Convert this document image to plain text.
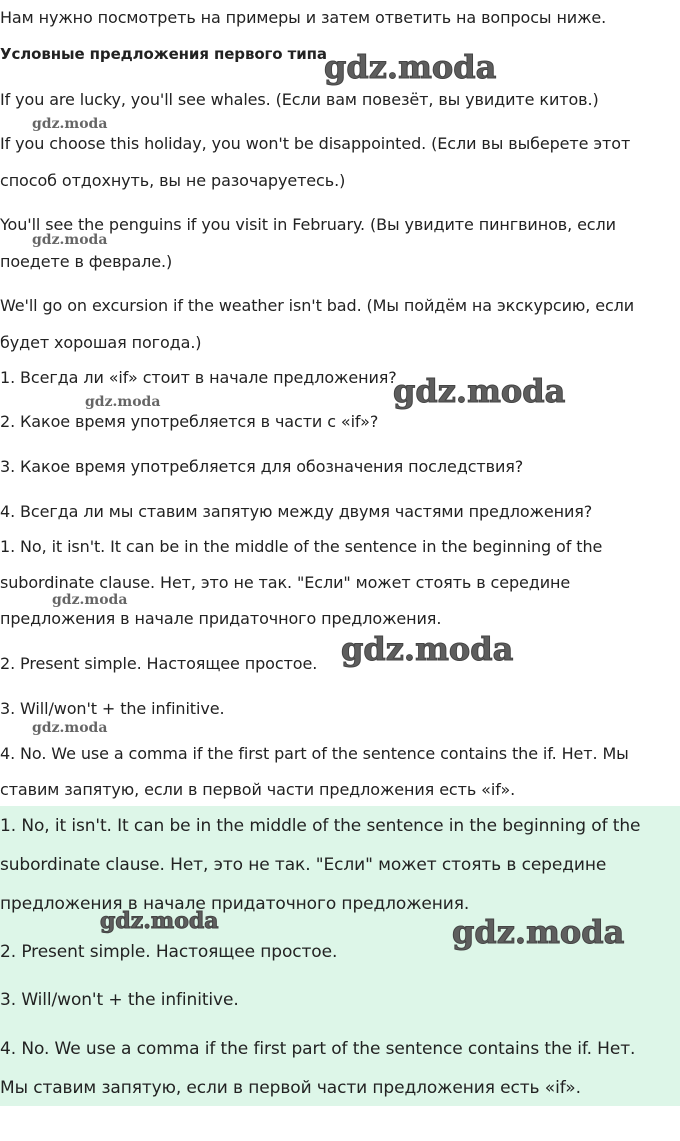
Нам нужно посмотреть на примеры и затем ответить на вопросы ниже.
Условные предложения первого типа
gdz.moda
If you are lucky, you'll see whales. (Если вам повезёт, вы увидите китов.)
gdz.moda
If you choose this holiday, you won't be disappointed. (Если вы выберете этот
способ отдохнуть, вы не разочаруетесь.)
You'll see the penguins if you visit in February. (Вы увидите пингвинов, если
gdz.moda
поедете в феврале.)
We'll go on excursion if the weather isn't bad. (Мы пойдём на экскурсию, если
будет хорошая погода.)
1. Всегда ли «if» стоит в начале предложения?
gdz.moda
gdz.moda
2. Какое время употребляется в части с «if»?
3. Какое время употребляется для обозначения последствия?
4. Всегда ли мы ставим запятую между двумя частями предложения?
1. No, it isn't. It can be in the middle of the sentence in the beginning of the
subordinate clause. Нет, это не так. "Если" может стоять в середине
gdz.moda
предложения в начале придаточного предложения.
gdz.moda
2. Present simple. Настоящее простое.
3. Will/won't + the infinitive.
gdz.moda
4. No. We use a comma if the first part of the sentence contains the if. Нет. Мы
ставим запятую, если в первой части предложения есть «if».
1. No, it isn't. It can be in the middle of the sentence in the beginning of the
subordinate clause. Нет, это не так. "Если" может стоять в середине
предложения в начале придаточного предложения.
gdz.moda	gdz.moda
2. Present simple. Настоящее простое.
3. Will/won't + the infinitive.
4. No. We use a comma if the first part of the sentence contains the if. Нет.
Мы ставим запятую, если в первой части предложения есть «if».
